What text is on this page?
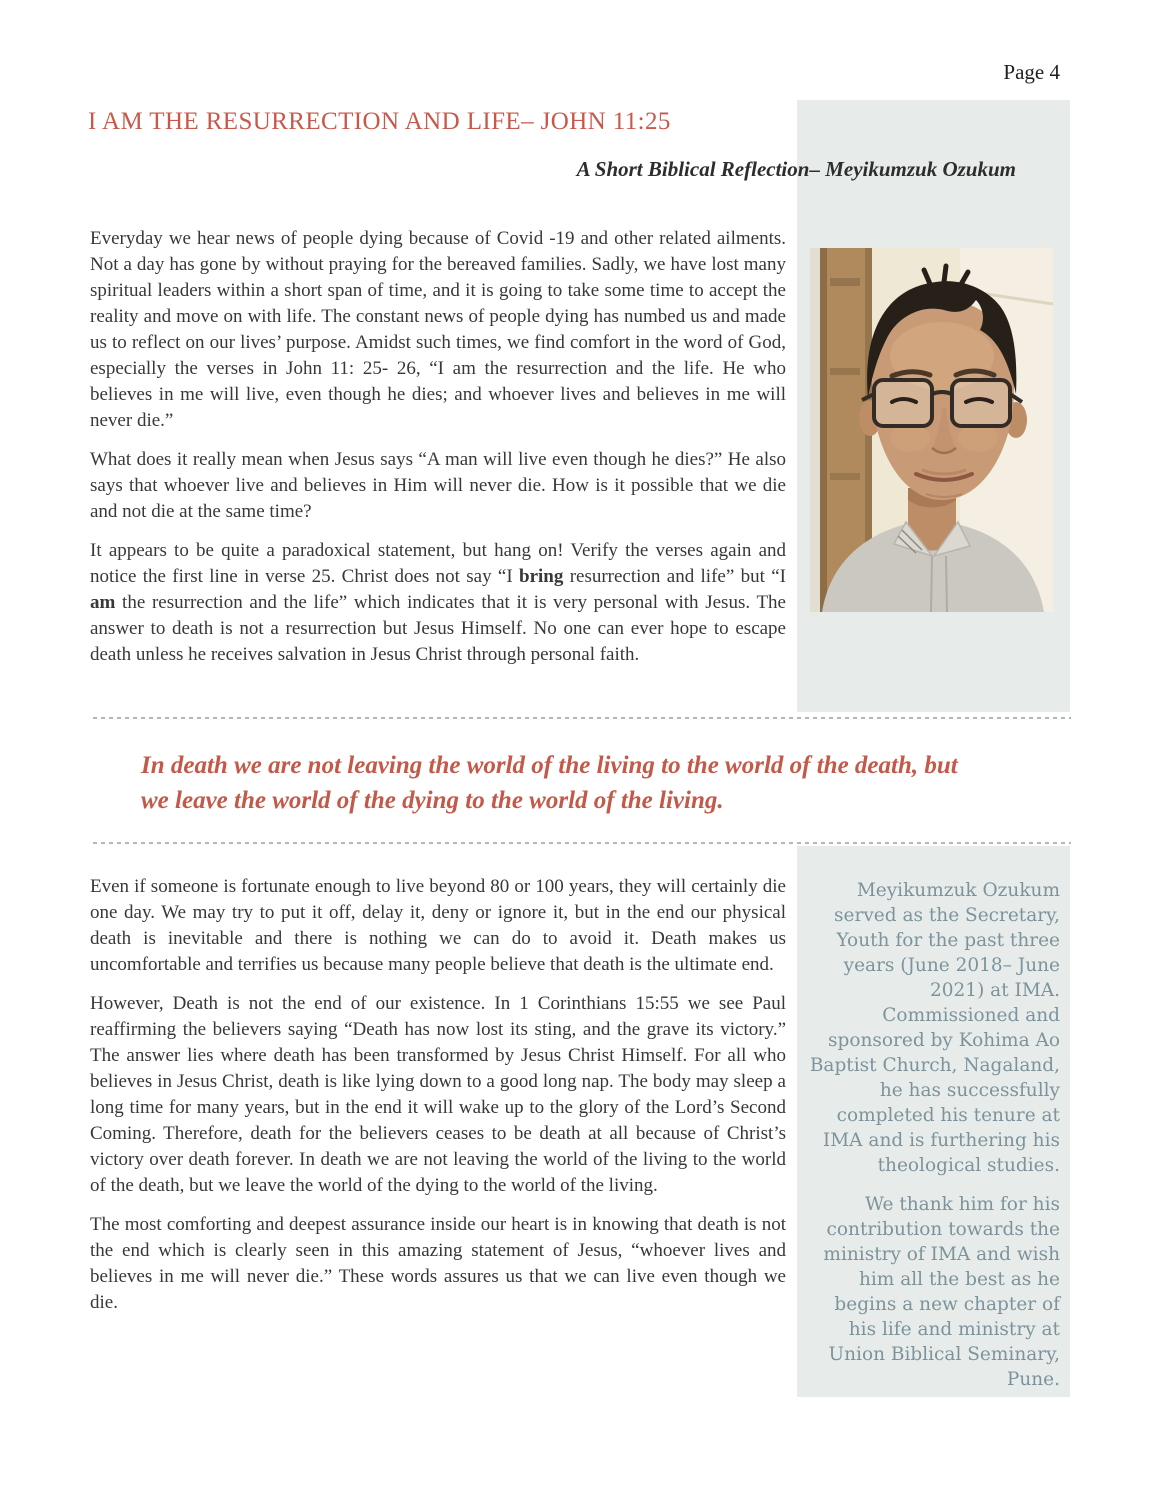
Page 4
I AM THE RESURRECTION AND LIFE– JOHN 11:25
A Short Biblical Reflection– Meyikumzuk Ozukum

Everyday we hear news of people dying because of Covid -19 and other related ailments. Not a day has gone by without praying for the bereaved families. Sadly, we have lost many spiritual leaders within a short span of time, and it is going to take some time to accept the reality and move on with life. The constant news of people dying has numbed us and made us to reflect on our lives’ purpose. Amidst such times, we find comfort in the word of God, especially the verses in John 11: 25- 26, “I am the resurrection and the life. He who believes in me will live, even though he dies; and whoever lives and believes in me will never die.”

What does it really mean when Jesus says “A man will live even though he dies?” He also says that whoever live and believes in Him will never die. How is it possible that we die and not die at the same time?

It appears to be quite a paradoxical statement, but hang on! Verify the verses again and notice the first line in verse 25. Christ does not say “I bring resurrection and life” but “I am the resurrection and the life” which indicates that it is very personal with Jesus. The answer to death is not a resurrection but Jesus Himself. No one can ever hope to escape death unless he receives salvation in Jesus Christ through personal faith.

In death we are not leaving the world of the living to the world of the death, but we leave the world of the dying to the world of the living.

Even if someone is fortunate enough to live beyond 80 or 100 years, they will certainly die one day. We may try to put it off, delay it, deny or ignore it, but in the end our physical death is inevitable and there is nothing we can do to avoid it. Death makes us uncomfortable and terrifies us because many people believe that death is the ultimate end.

However, Death is not the end of our existence. In 1 Corinthians 15:55 we see Paul reaffirming the believers saying “Death has now lost its sting, and the grave its victory.” The answer lies where death has been transformed by Jesus Christ Himself. For all who believes in Jesus Christ, death is like lying down to a good long nap. The body may sleep a long time for many years, but in the end it will wake up to the glory of the Lord’s Second Coming. Therefore, death for the believers ceases to be death at all because of Christ’s victory over death forever. In death we are not leaving the world of the living to the world of the death, but we leave the world of the dying to the world of the living.

The most comforting and deepest assurance inside our heart is in knowing that death is not the end which is clearly seen in this amazing statement of Jesus, “whoever lives and believes in me will never die.” These words assures us that we can live even though we die.

Meyikumzuk Ozukum served as the Secretary, Youth for the past three years (June 2018– June 2021) at IMA. Commissioned and sponsored by Kohima Ao Baptist Church, Nagaland, he has successfully completed his tenure at IMA and is furthering his theological studies.

We thank him for his contribution towards the ministry of IMA and wish him all the best as he begins a new chapter of his life and ministry at Union Biblical Seminary, Pune.
